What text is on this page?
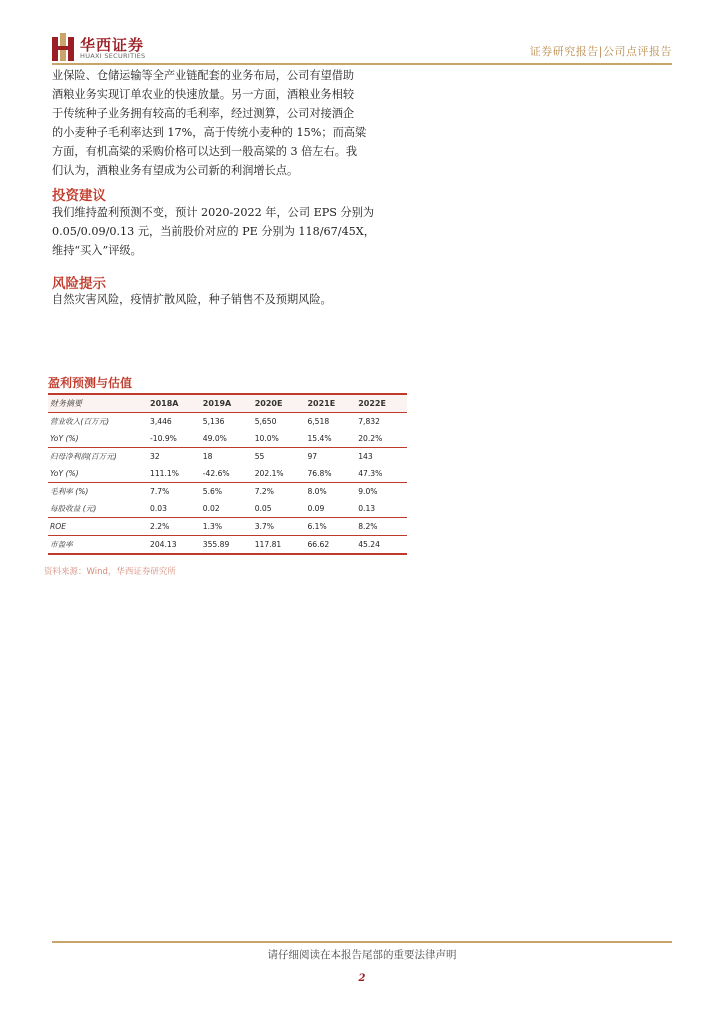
华西证券
HUAXI SECURITIES	证券研究报告|公司点评报告
业保险、仓储运输等全产业链配套的业务布局，公司有望借助
酒粮业务实现订单农业的快速放量。另一方面，酒粮业务相较
于传统种子业务拥有较高的毛利率，经过测算，公司对接酒企
的小麦种子毛利率达到 17%，高于传统小麦种的 15%；而高粱
方面，有机高粱的采购价格可以达到一般高粱的 3 倍左右。我
们认为，酒粮业务有望成为公司新的利润增长点。
投资建议
我们维持盈利预测不变，预计 2020-2022 年，公司 EPS 分别为
0.05/0.09/0.13 元，当前股价对应的 PE 分别为 118/67/45X，
维持“买入”评级。
风险提示
自然灾害风险，疫情扩散风险，种子销售不及预期风险。
盈利预测与估值
财务摘要	2018A	2019A	2020E	2021E	2022E
营业收入(百万元)	3,446	5,136	5,650	6,518	7,832
YoY (%)	-10.9%	49.0%	10.0%	15.4%	20.2%
归母净利润(百万元)	32	18	55	97	143
YoY (%)	111.1%	-42.6%	202.1%	76.8%	47.3%
毛利率 (%)	7.7%	5.6%	7.2%	8.0%	9.0%
每股收益 (元)	0.03	0.02	0.05	0.09	0.13
ROE	2.2%	1.3%	3.7%	6.1%	8.2%
市盈率	204.13	355.89	117.81	66.62	45.24
资料来源：Wind，华西证券研究所
请仔细阅读在本报告尾部的重要法律声明
2
